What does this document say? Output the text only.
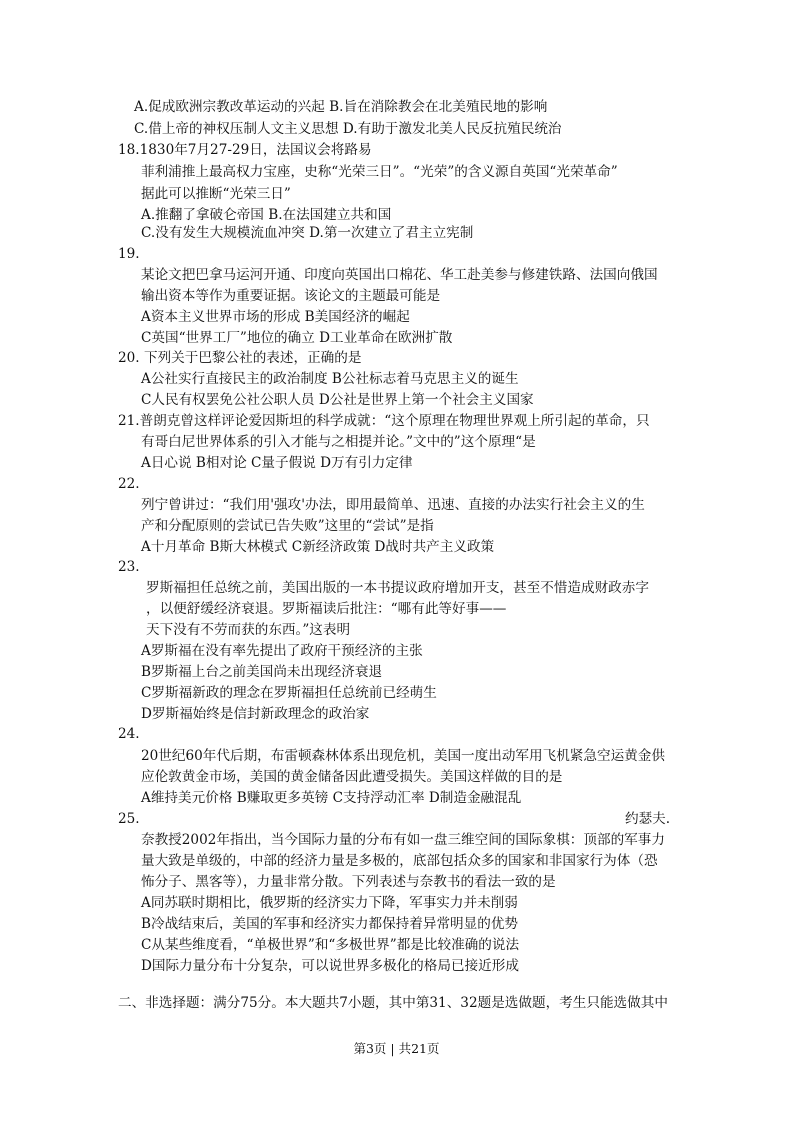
A.促成欧洲宗教改革运动的兴起 B.旨在消除教会在北美殖民地的影响
C.借上帝的神权压制人文主义思想 D.有助于激发北美人民反抗殖民统治
18.1830年7月27-29日，法国议会将路易
菲利浦推上最高权力宝座，史称“光荣三日”。“光荣”的含义源自英国“光荣革命”
据此可以推断“光荣三日”
A.推翻了拿破仑帝国 B.在法国建立共和国
C.没有发生大规模流血冲突 D.第一次建立了君主立宪制
19.
某论文把巴拿马运河开通、印度向英国出口棉花、华工赴美参与修建铁路、法国向俄国
输出资本等作为重要证据。该论文的主题最可能是
A资本主义世界市场的形成 B美国经济的崛起
C英国“世界工厂”地位的确立 D工业革命在欧洲扩散
20. 下列关于巴黎公社的表述，正确的是
A公社实行直接民主的政治制度 B公社标志着马克思主义的诞生
C人民有权罢免公社公职人员 D公社是世界上第一个社会主义国家
21.普朗克曾这样评论爱因斯坦的科学成就：“这个原理在物理世界观上所引起的革命，只
有哥白尼世界体系的引入才能与之相提并论。”文中的”这个原理“是
A日心说 B相对论 C量子假说 D万有引力定律
22.
列宁曾讲过：“我们用'强攻'办法，即用最简单、迅速、直接的办法实行社会主义的生
产和分配原则的尝试已告失败”这里的“尝试”是指
A十月革命 B斯大林模式 C新经济政策 D战时共产主义政策
23.
罗斯福担任总统之前，美国出版的一本书提议政府增加开支，甚至不惜造成财政赤字
，以便舒缓经济衰退。罗斯福读后批注：“哪有此等好事——
天下没有不劳而获的东西。”这表明
A罗斯福在没有率先提出了政府干预经济的主张
B罗斯福上台之前美国尚未出现经济衰退
C罗斯福新政的理念在罗斯福担任总统前已经萌生
D罗斯福始终是信封新政理念的政治家
24.
20世纪60年代后期，布雷顿森林体系出现危机，美国一度出动军用飞机紧急空运黄金供
应伦敦黄金市场，美国的黄金储备因此遭受损失。美国这样做的目的是
A维持美元价格 B赚取更多英镑 C支持浮动汇率 D制造金融混乱
25.	约瑟夫.
奈教授2002年指出，当今国际力量的分布有如一盘三维空间的国际象棋：顶部的军事力
量大致是单级的，中部的经济力量是多极的，底部包括众多的国家和非国家行为体（恐
怖分子、黑客等），力量非常分散。下列表述与奈教书的看法一致的是
A同苏联时期相比，俄罗斯的经济实力下降，军事实力并未削弱
B冷战结束后，美国的军事和经济实力都保持着异常明显的优势
C从某些维度看，“单极世界”和“多极世界”都是比较准确的说法
D国际力量分布十分复杂，可以说世界多极化的格局已接近形成
二、非选择题：满分75分。本大题共7小题，其中第31、32题是选做题，考生只能选做其中
第3页 | 共21页
